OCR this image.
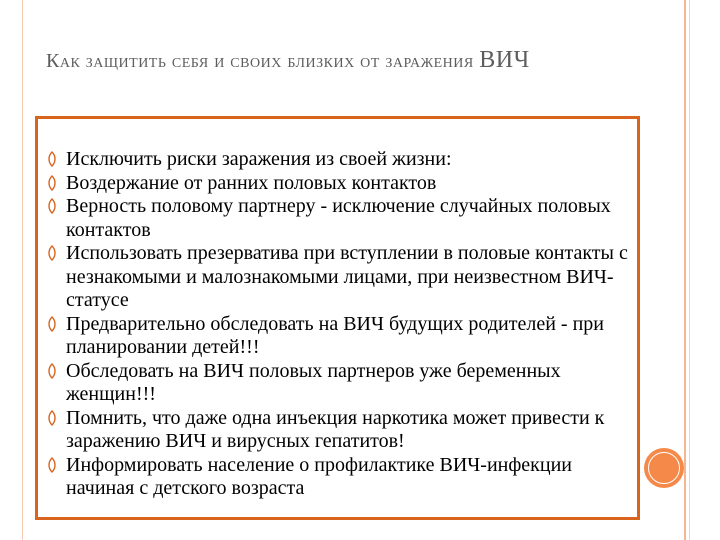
Как защитить себя и своих близких от заражения ВИЧ
Исключить риски заражения из своей жизни:
Воздержание от ранних половых контактов
Верность половому партнеру - исключение случайных половых контактов
Использовать презерватива при вступлении в половые контакты с незнакомыми и малознакомыми лицами, при неизвестном ВИЧ-статусе
Предварительно обследовать на ВИЧ будущих родителей - при планировании детей!!!
Обследовать на ВИЧ половых партнеров уже беременных женщин!!!
Помнить, что даже одна инъекция наркотика может привести к заражению ВИЧ и вирусных гепатитов!
Информировать население о профилактике ВИЧ-инфекции начиная с детского возраста
